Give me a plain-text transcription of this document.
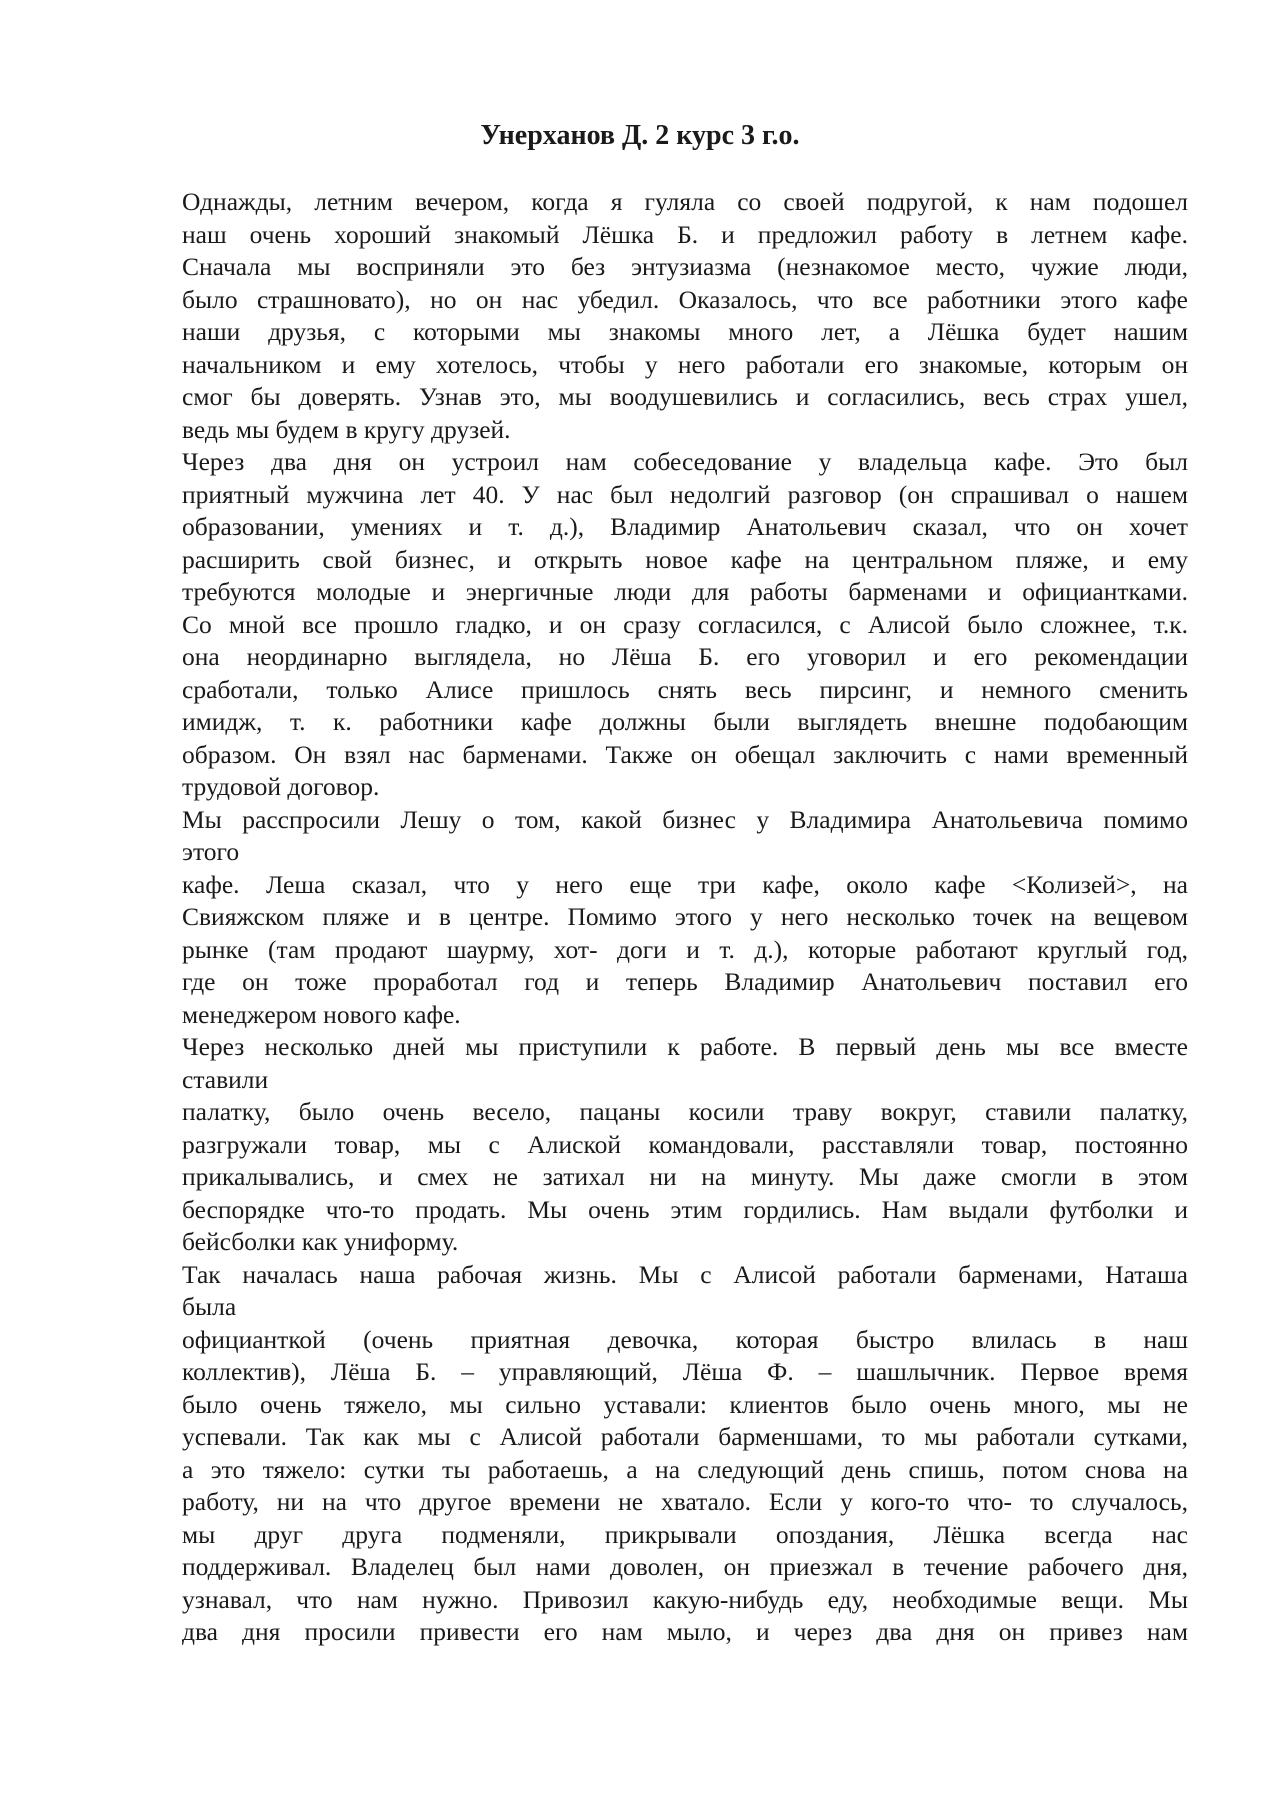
Унерханов Д. 2 курс 3 г.о.

Однажды, летним вечером, когда я гуляла со своей подругой, к нам подошел
наш очень хороший знакомый Лёшка Б. и предложил работу в летнем кафе.
Сначала мы восприняли это без энтузиазма (незнакомое место, чужие люди,
было страшновато), но он нас убедил. Оказалось, что все работники этого кафе
наши друзья, с которыми мы знакомы много лет, а Лёшка будет нашим
начальником и ему хотелось, чтобы у него работали его знакомые, которым он
смог бы доверять. Узнав это, мы воодушевились и согласились, весь страх ушел,
ведь мы будем в кругу друзей.

Через два дня он устроил нам собеседование у владельца кафе. Это был
приятный мужчина лет 40. У нас был недолгий разговор (он спрашивал о нашем
образовании, умениях и т. д.), Владимир Анатольевич сказал, что он хочет
расширить свой бизнес, и открыть новое кафе на центральном пляже, и ему
требуются молодые и энергичные люди для работы барменами и официантками.
Со мной все прошло гладко, и он сразу согласился, с Алисой было сложнее, т.к.
она неординарно выглядела, но Лёша Б. его уговорил и его рекомендации
сработали, только Алисе пришлось снять весь пирсинг, и немного сменить
имидж, т. к. работники кафе должны были выглядеть внешне подобающим
образом. Он взял нас барменами. Также он обещал заключить с нами временный
трудовой договор.

Мы расспросили Лешу о том, какой бизнес у Владимира Анатольевича помимо
этого

кафе. Леша сказал, что у него еще три кафе, около кафе <Колизей>, на
Свияжском пляже и в центре. Помимо этого у него несколько точек на вещевом
рынке (там продают шаурму, хот- доги и т. д.), которые работают круглый год,
где он тоже проработал год и теперь Владимир Анатольевич поставил его
менеджером нового кафе.

Через несколько дней мы приступили к работе. В первый день мы все вместе
ставили

палатку, было очень весело, пацаны косили траву вокруг, ставили палатку,
разгружали товар, мы с Алиской командовали, расставляли товар, постоянно
прикалывались, и смех не затихал ни на минуту. Мы даже смогли в этом
беспорядке что-то продать. Мы очень этим гордились. Нам выдали футболки и
бейсболки как униформу.

Так началась наша рабочая жизнь. Мы с Алисой работали барменами, Наташа
была

официанткой (очень приятная девочка, которая быстро влилась в наш
коллектив), Лёша Б. – управляющий, Лёша Ф. – шашлычник. Первое время
было очень тяжело, мы сильно уставали: клиентов было очень много, мы не
успевали. Так как мы с Алисой работали барменшами, то мы работали сутками,
а это тяжело: сутки ты работаешь, а на следующий день спишь, потом снова на
работу, ни на что другое времени не хватало. Если у кого-то что- то случалось,
мы друг друга подменяли, прикрывали опоздания, Лёшка всегда нас
поддерживал. Владелец был нами доволен, он приезжал в течение рабочего дня,
узнавал, что нам нужно. Привозил какую-нибудь еду, необходимые вещи. Мы
два дня просили привести его нам мыло, и через два дня он привез нам
